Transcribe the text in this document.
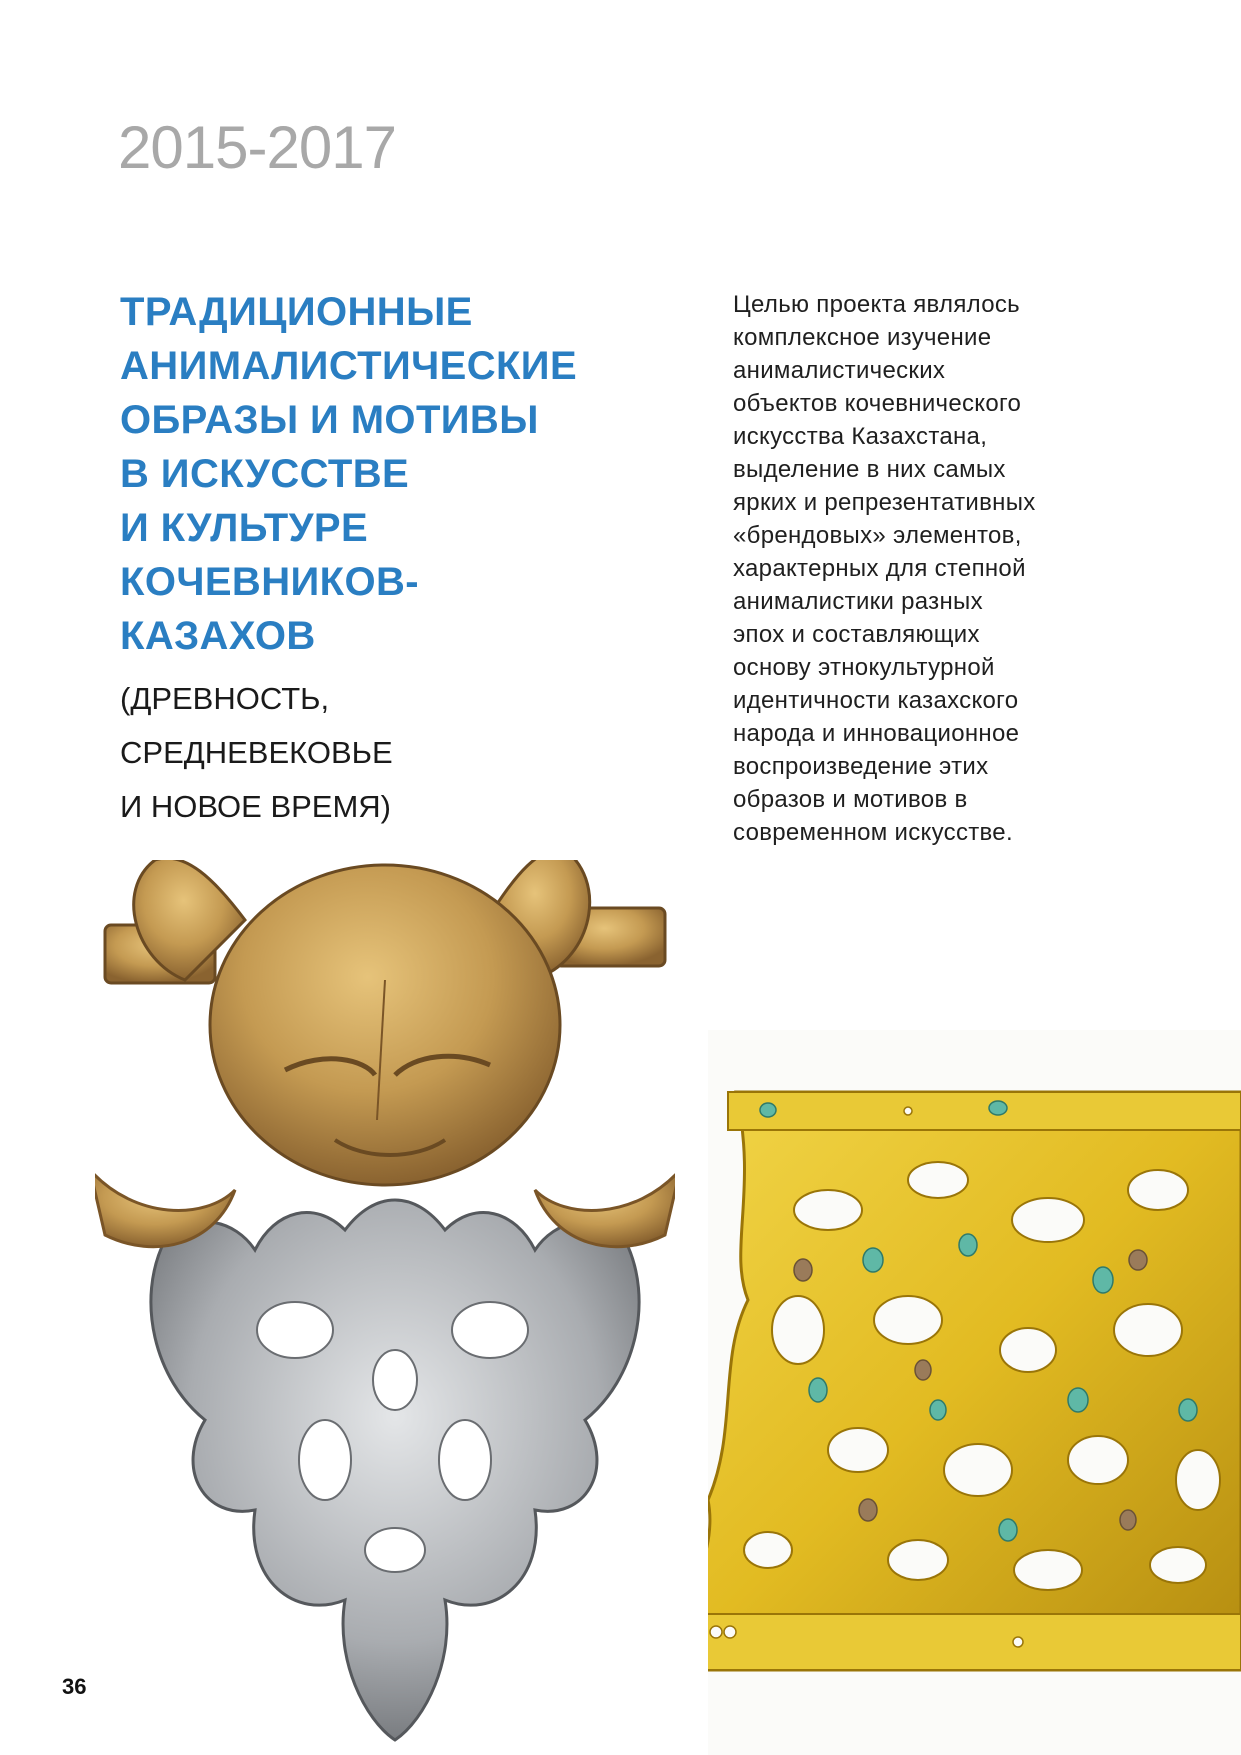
2015-2017
ТРАДИЦИОННЫЕ
АНИМАЛИСТИЧЕСКИЕ
ОБРАЗЫ И МОТИВЫ
В ИСКУССТВЕ
И КУЛЬТУРЕ
КОЧЕВНИКОВ-
КАЗАХОВ
(ДРЕВНОСТЬ,
СРЕДНЕВЕКОВЬЕ
И НОВОЕ ВРЕМЯ)
Целью проекта являлось
комплексное изучение
анималистических
объектов кочевнического
искусства Казахстана,
выделение в них самых
ярких и репрезентативных
«брендовых» элементов,
характерных для степной
анималистики разных
эпох и составляющих
основу этнокультурной
идентичности казахского
народа и инновационное
воспроизведение этих
образов и мотивов в
современном искусстве.
36
